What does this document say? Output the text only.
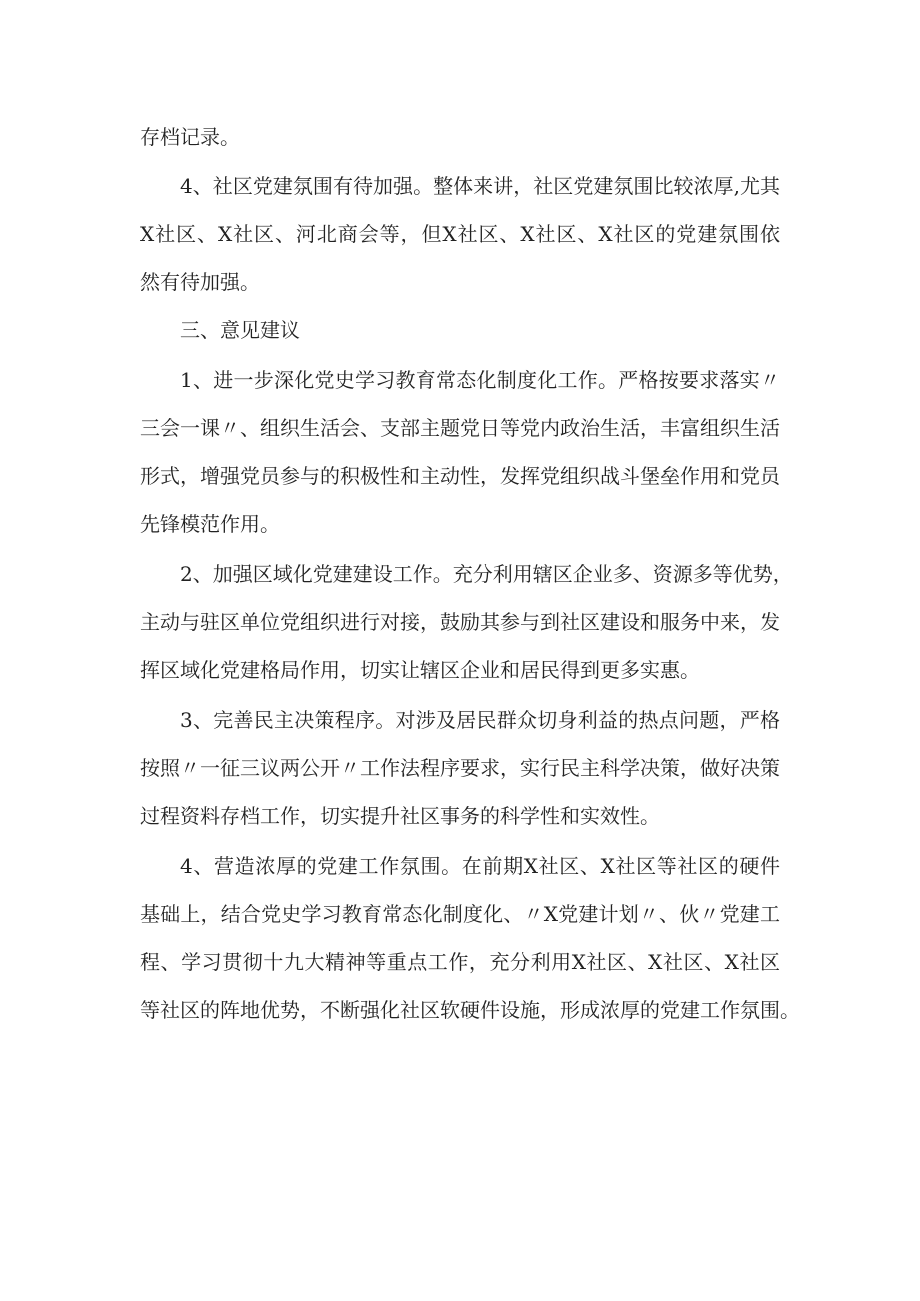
存档记录。
4、社区党建氛围有待加强。整体来讲，社区党建氛围比较浓厚,尤其
X社区、X社区、河北商会等，但X社区、X社区、X社区的党建氛围依
然有待加强。
三、意见建议
1、进一步深化党史学习教育常态化制度化工作。严格按要求落实〃
三会一课〃、组织生活会、支部主题党日等党内政治生活，丰富组织生活
形式，增强党员参与的积极性和主动性，发挥党组织战斗堡垒作用和党员
先锋模范作用。
2、加强区域化党建建设工作。充分利用辖区企业多、资源多等优势，
主动与驻区单位党组织进行对接，鼓励其参与到社区建设和服务中来，发
挥区域化党建格局作用，切实让辖区企业和居民得到更多实惠。
3、完善民主决策程序。对涉及居民群众切身利益的热点问题，严格
按照〃一征三议两公开〃工作法程序要求，实行民主科学决策，做好决策
过程资料存档工作，切实提升社区事务的科学性和实效性。
4、营造浓厚的党建工作氛围。在前期X社区、X社区等社区的硬件
基础上，结合党史学习教育常态化制度化、〃X党建计划〃、伙〃党建工
程、学习贯彻十九大精神等重点工作，充分利用X社区、X社区、X社区
等社区的阵地优势，不断强化社区软硬件设施，形成浓厚的党建工作氛围。
